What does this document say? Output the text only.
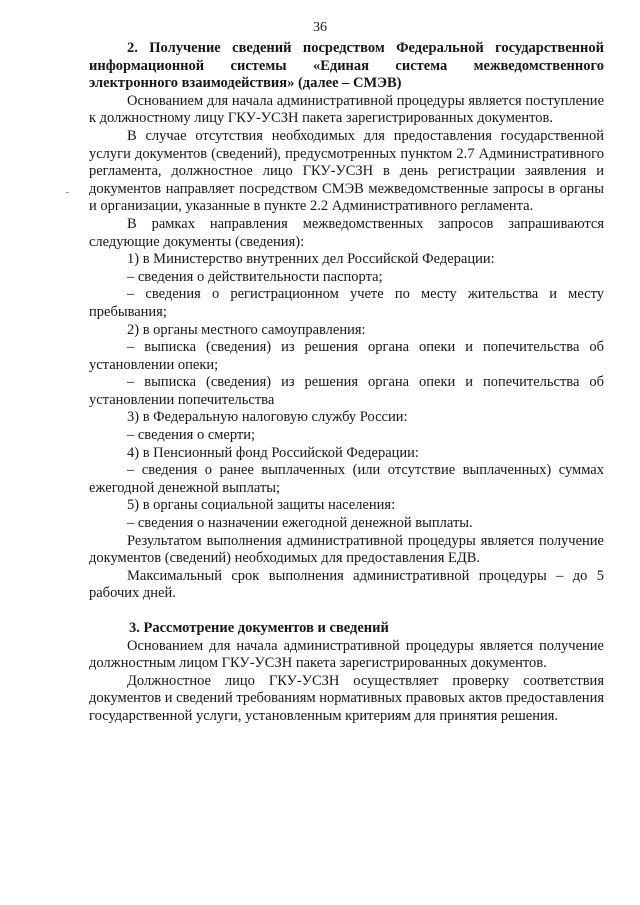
36

2. Получение сведений посредством Федеральной государственной информационной системы «Единая система межведомственного электронного взаимодействия» (далее – СМЭВ)

Основанием для начала административной процедуры является поступление к должностному лицу ГКУ-УСЗН пакета зарегистрированных документов.

В случае отсутствия необходимых для предоставления государственной услуги документов (сведений), предусмотренных пунктом 2.7 Административного регламента, должностное лицо ГКУ-УСЗН в день регистрации заявления и документов направляет посредством СМЭВ межведомственные запросы в органы и организации, указанные в пункте 2.2 Административного регламента.

В рамках направления межведомственных запросов запрашиваются следующие документы (сведения):

1) в Министерство внутренних дел Российской Федерации:

– сведения о действительности паспорта;

– сведения о регистрационном учете по месту жительства и месту пребывания;

2) в органы местного самоуправления:

– выписка (сведения) из решения органа опеки и попечительства об установлении опеки;

– выписка (сведения) из решения органа опеки и попечительства об установлении попечительства

3) в Федеральную налоговую службу России:

– сведения о смерти;

4) в Пенсионный фонд Российской Федерации:

– сведения о ранее выплаченных (или отсутствие выплаченных) суммах ежегодной денежной выплаты;

5) в органы социальной защиты населения:

– сведения о назначении ежегодной денежной выплаты.

Результатом выполнения административной процедуры является получение документов (сведений) необходимых для предоставления ЕДВ.

Максимальный срок выполнения административной процедуры – до 5 рабочих дней.

3. Рассмотрение документов и сведений

Основанием для начала административной процедуры является получение должностным лицом ГКУ-УСЗН пакета зарегистрированных документов.

Должностное лицо ГКУ-УСЗН осуществляет проверку соответствия документов и сведений требованиям нормативных правовых актов предоставления государственной услуги, установленным критериям для принятия решения.
